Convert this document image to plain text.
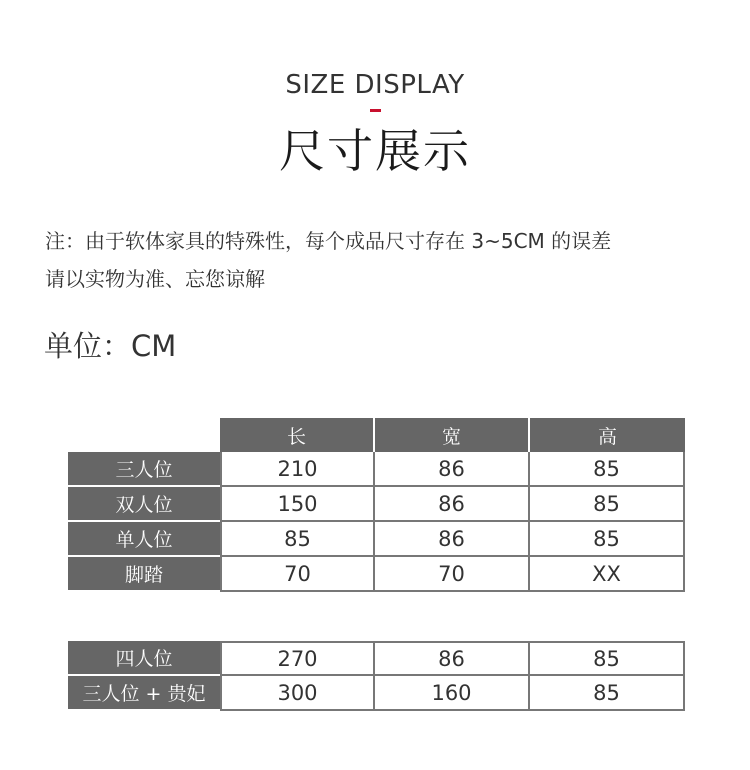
SIZE DISPLAY
尺寸展示
注：由于软体家具的特殊性，每个成品尺寸存在 3~5CM 的误差
请以实物为准、忘您谅解
单位：CM
	长	宽	高
三人位	210	86	85
双人位	150	86	85
单人位	85	86	85
脚踏	70	70	XX
四人位	270	86	85
三人位 + 贵妃	300	160	85
